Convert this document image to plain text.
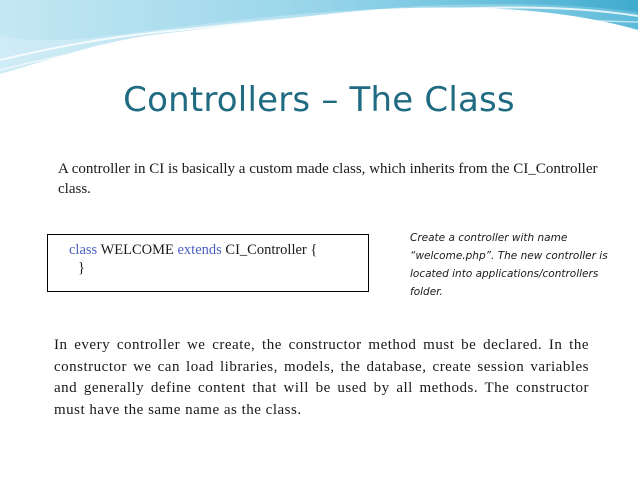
Controllers – The Class
A controller in CI is basically a custom made class, which inherits from the CI_Controller class.
class WELCOME extends CI_Controller {
}
Create a controller with name “welcome.php”. The new controller is located into applications/controllers folder.
In every controller we create, the constructor method must be declared. In the constructor we can load libraries, models, the database, create session variables and generally define content that will be used by all methods. The constructor must have the same name as the class.
